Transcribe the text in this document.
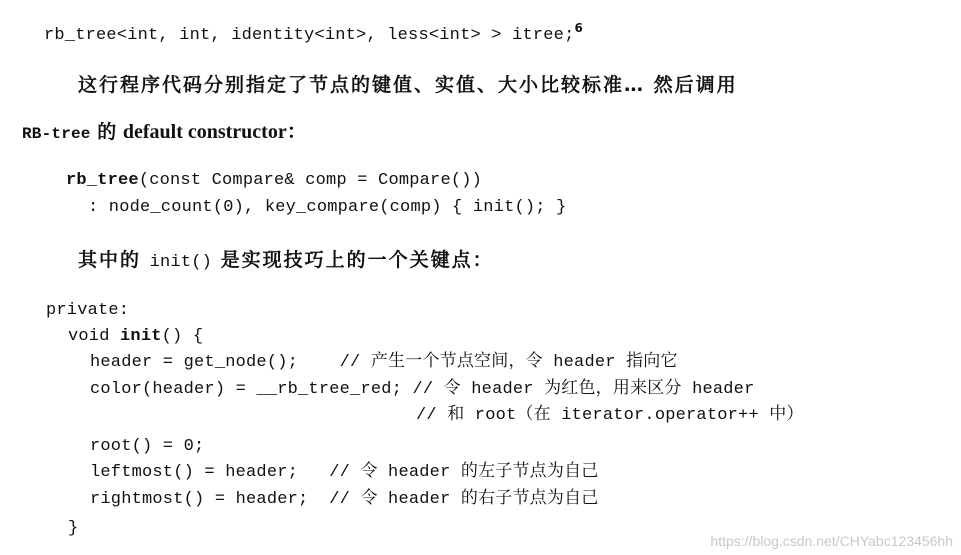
rb_tree<int, int, identity<int>, less<int> > itree;$^6$
这行程序代码分别指定了节点的键值、实值、大小比较标准… 然后调用
RB-tree 的 default constructor：
rb_tree(const Compare& comp = Compare())
: node_count(0), key_compare(comp) { init(); }
其中的 init() 是实现技巧上的一个关键点：
private:
void init() {
header = get_node();    // 产生一个节点空间，令 header 指向它
color(header) = __rb_tree_red; // 令 header 为红色，用来区分 header
// 和 root（在 iterator.operator++ 中）
root() = 0;
leftmost() = header;   // 令 header 的左子节点为自己
rightmost() = header;  // 令 header 的右子节点为自己
}
https://blog.csdn.net/CHYabc123456hh
